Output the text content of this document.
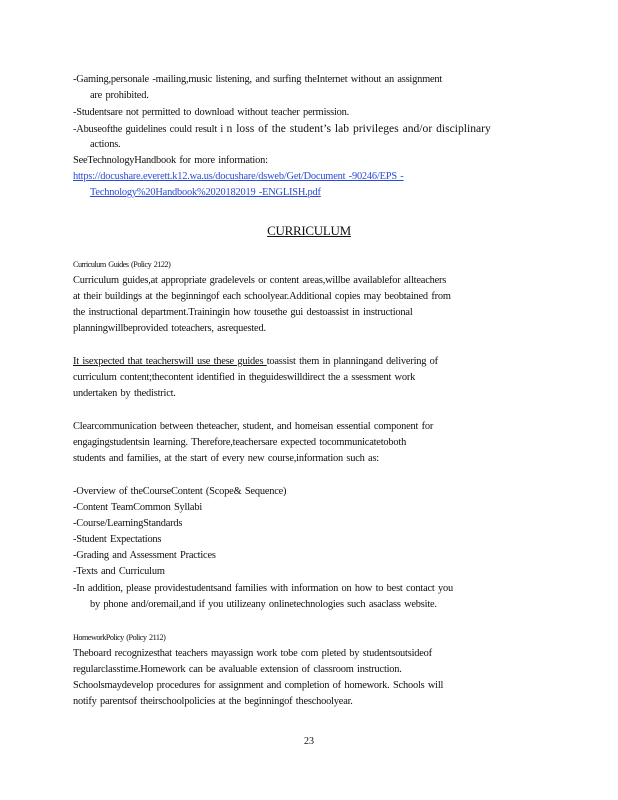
-Gaming,personale -mailing,music listening, and surfing theInternet without an assignment
are prohibited.
-Studentsare not permitted to download without teacher permission.
-Abuseofthe guidelines could result i n loss of the student’s lab privileges and/or disciplinary
actions.
SeeTechnologyHandbook for more information:
https://docushare.everett.k12.wa.us/docushare/dsweb/Get/Document -90246/EPS -
Technology%20Handbook%2020182019 -ENGLISH.pdf
CURRICULUM
Curriculum Guides (Policy 2122)
Curriculum guides,at appropriate gradelevels or content areas,willbe availablefor allteachers
at their buildings at the beginningof each schoolyear.Additional copies may beobtained from
the instructional department.Trainingin how tousethe gui destoassist in instructional
planningwillbeprovided toteachers, asrequested.
It isexpected that teacherswill use these guides toassist them in planningand delivering of
curriculum content;thecontent identified in theguideswilldirect the a ssessment work
undertaken by thedistrict.
Clearcommunication between theteacher, student, and homeisan essential component for
engagingstudentsin learning. Therefore,teachersare expected tocommunicatetoboth
students and families, at the start of every new course,information such as:
-Overview of theCourseContent (Scope& Sequence)
-Content TeamCommon Syllabi
-Course/LearningStandards
-Student Expectations
-Grading and Assessment Practices
-Texts and Curriculum
-In addition, please providestudentsand families with information on how to best contact you
by phone and/oremail,and if you utilizeany onlinetechnologies such asaclass website.
HomeworkPolicy (Policy 2112)
Theboard recognizesthat teachers mayassign work tobe com pleted by studentsoutsideof
regularclasstime.Homework can be avaluable extension of classroom instruction.
Schoolsmaydevelop procedures for assignment and completion of homework. Schools will
notify parentsof theirschoolpolicies at the beginningof theschoolyear.
23
